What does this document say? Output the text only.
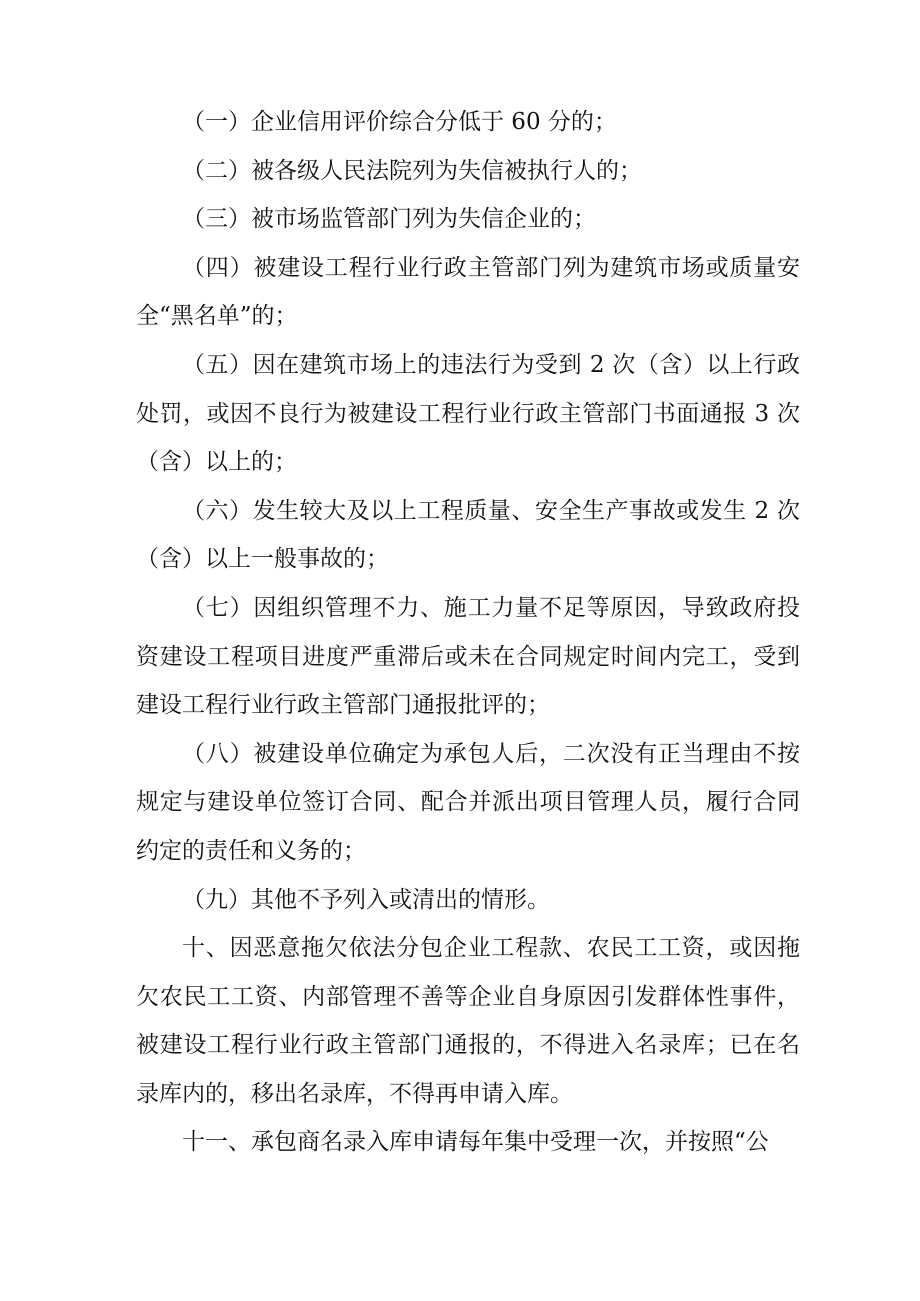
（一）企业信用评价综合分低于 60 分的；

（二）被各级人民法院列为失信被执行人的；

（三）被市场监管部门列为失信企业的；

（四）被建设工程行业行政主管部门列为建筑市场或质量安全“黑名单”的；

（五）因在建筑市场上的违法行为受到 2 次（含）以上行政处罚，或因不良行为被建设工程行业行政主管部门书面通报 3 次（含）以上的；

（六）发生较大及以上工程质量、安全生产事故或发生 2 次（含）以上一般事故的；

（七）因组织管理不力、施工力量不足等原因，导致政府投资建设工程项目进度严重滞后或未在合同规定时间内完工，受到建设工程行业行政主管部门通报批评的；

（八）被建设单位确定为承包人后，二次没有正当理由不按规定与建设单位签订合同、配合并派出项目管理人员，履行合同约定的责任和义务的；

（九）其他不予列入或清出的情形。

十、因恶意拖欠依法分包企业工程款、农民工工资，或因拖欠农民工工资、内部管理不善等企业自身原因引发群体性事件，被建设工程行业行政主管部门通报的，不得进入名录库；已在名录库内的，移出名录库，不得再申请入库。

十一、承包商名录入库申请每年集中受理一次，并按照“公
